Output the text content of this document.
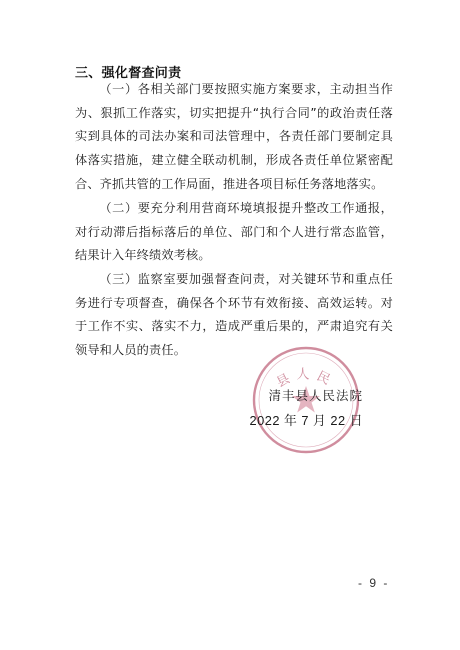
三、强化督查问责

（一）各相关部门要按照实施方案要求，主动担当作为、狠抓工作落实，切实把提升“执行合同”的政治责任落实到具体的司法办案和司法管理中，各责任部门要制定具体落实措施，建立健全联动机制，形成各责任单位紧密配合、齐抓共管的工作局面，推进各项目标任务落地落实。

（二）要充分利用营商环境填报提升整改工作通报，对行动滞后指标落后的单位、部门和个人进行常态监管，结果计入年终绩效考核。

（三）监察室要加强督查问责，对关键环节和重点任务进行专项督查，确保各个环节有效衔接、高效运转。对于工作不实、落实不力，造成严重后果的，严肃追究有关领导和人员的责任。

县人民
清丰县人民法院
2022 年 7 月 22 日
- 9 -
